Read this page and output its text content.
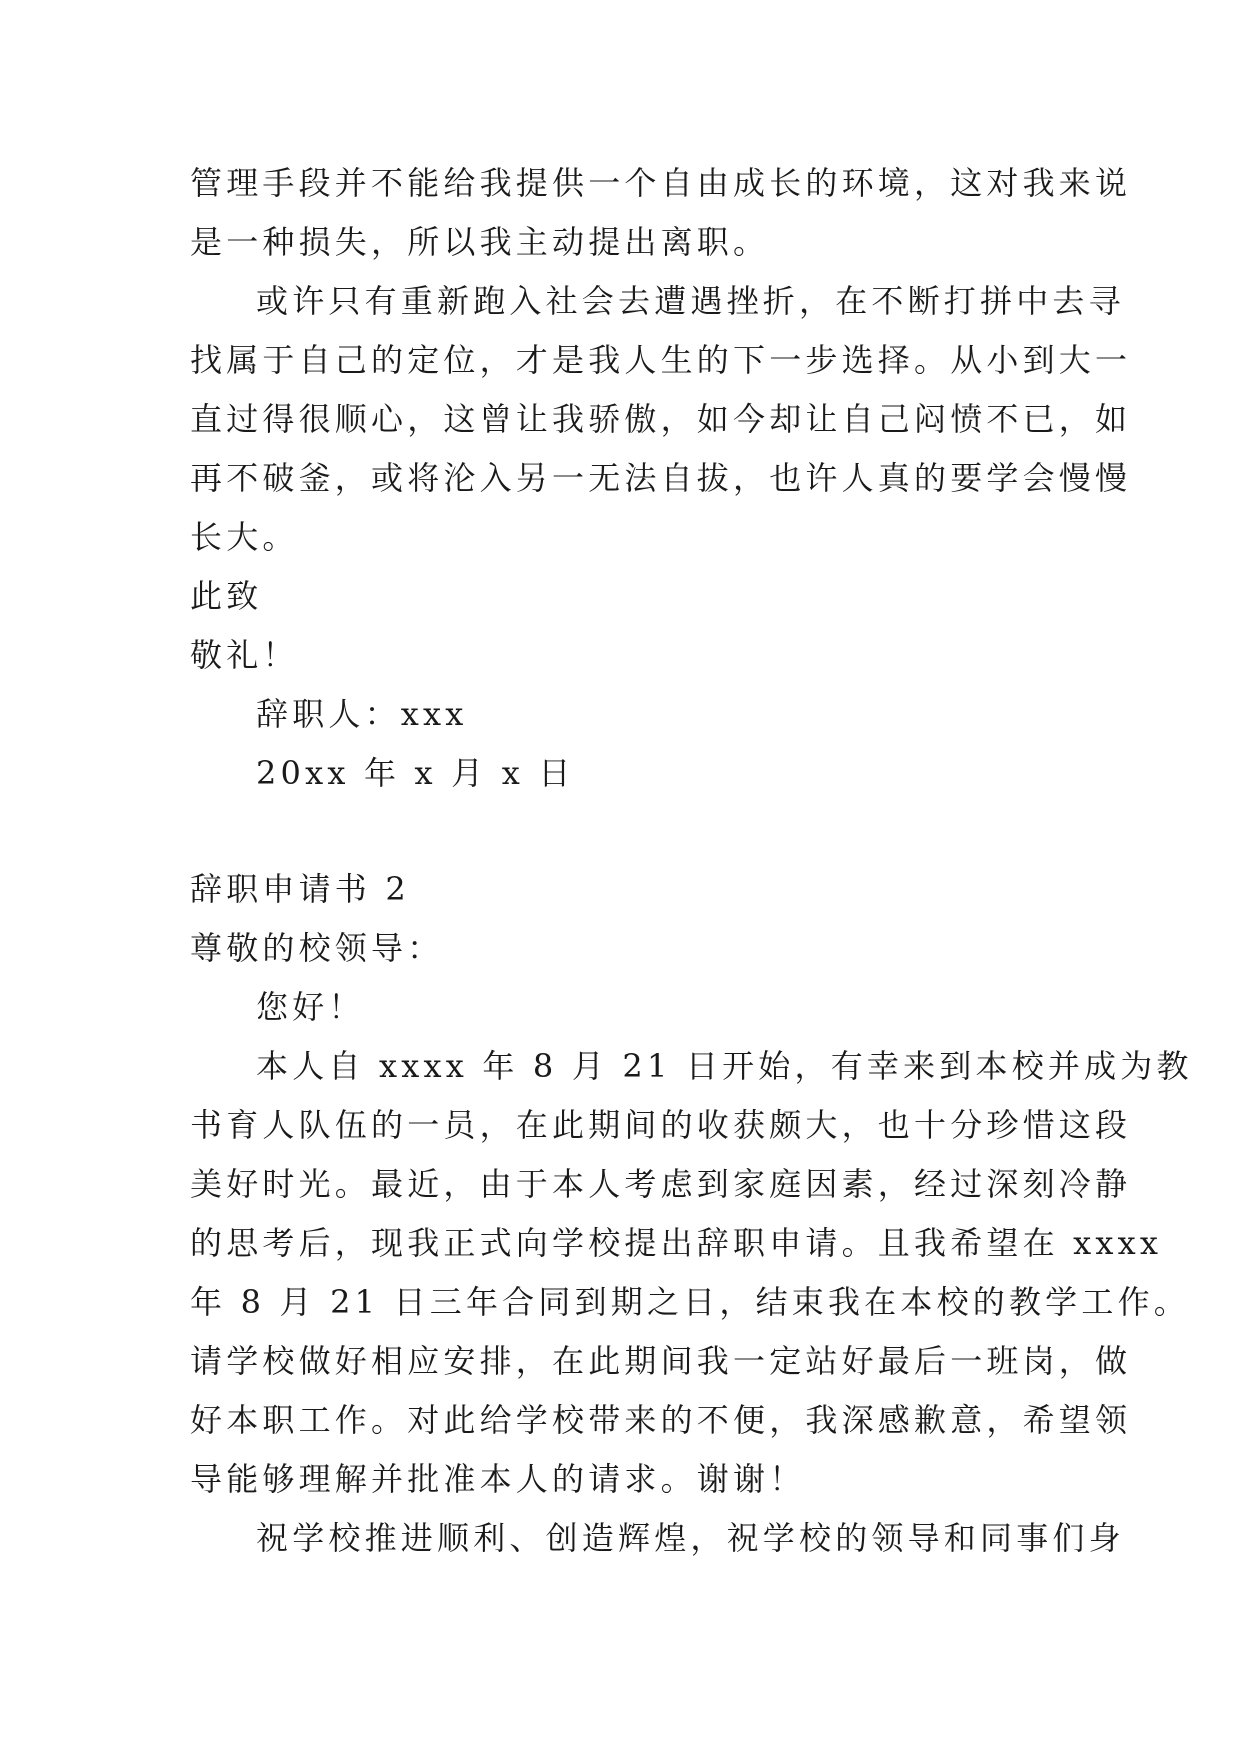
管理手段并不能给我提供一个自由成长的环境，这对我来说

是一种损失，所以我主动提出离职。

或许只有重新跑入社会去遭遇挫折，在不断打拼中去寻

找属于自己的定位，才是我人生的下一步选择。从小到大一

直过得很顺心，这曾让我骄傲，如今却让自己闷愤不已，如

再不破釜，或将沦入另一无法自拔，也许人真的要学会慢慢

长大。

此致

敬礼！

辞职人：xxx

20xx 年 x 月 x 日

辞职申请书 2

尊敬的校领导：

您好！

本人自 xxxx 年 8 月 21 日开始，有幸来到本校并成为教

书育人队伍的一员，在此期间的收获颇大，也十分珍惜这段

美好时光。最近，由于本人考虑到家庭因素，经过深刻冷静

的思考后，现我正式向学校提出辞职申请。且我希望在 xxxx

年 8 月 21 日三年合同到期之日，结束我在本校的教学工作。

请学校做好相应安排，在此期间我一定站好最后一班岗，做

好本职工作。对此给学校带来的不便，我深感歉意，希望领

导能够理解并批准本人的请求。谢谢！

祝学校推进顺利、创造辉煌，祝学校的领导和同事们身
